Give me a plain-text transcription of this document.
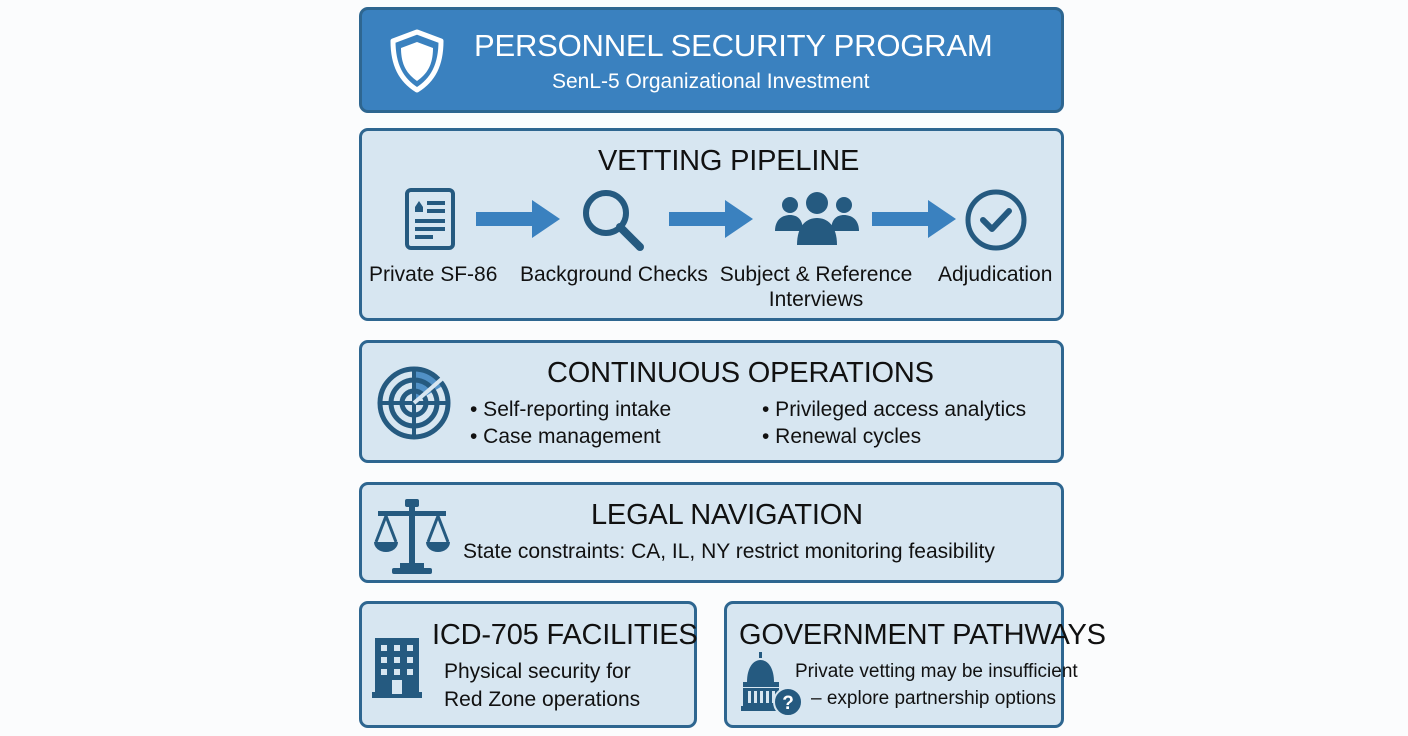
PERSONNEL SECURITY PROGRAM
SenL-5 Organizational Investment
VETTING PIPELINE
Private SF-86 Background Checks Subject & Reference
Interviews
Adjudication
CONTINUOUS OPERATIONS
• Self-reporting intake
• Case management
• Privileged access analytics
• Renewal cycles
LEGAL NAVIGATION
State constraints: CA, IL, NY restrict monitoring feasibility
ICD-705 FACILITIES
Physical security for
Red Zone operations	?
GOVERNMENT PATHWAYS
Private vetting may be insufficient
– explore partnership options
